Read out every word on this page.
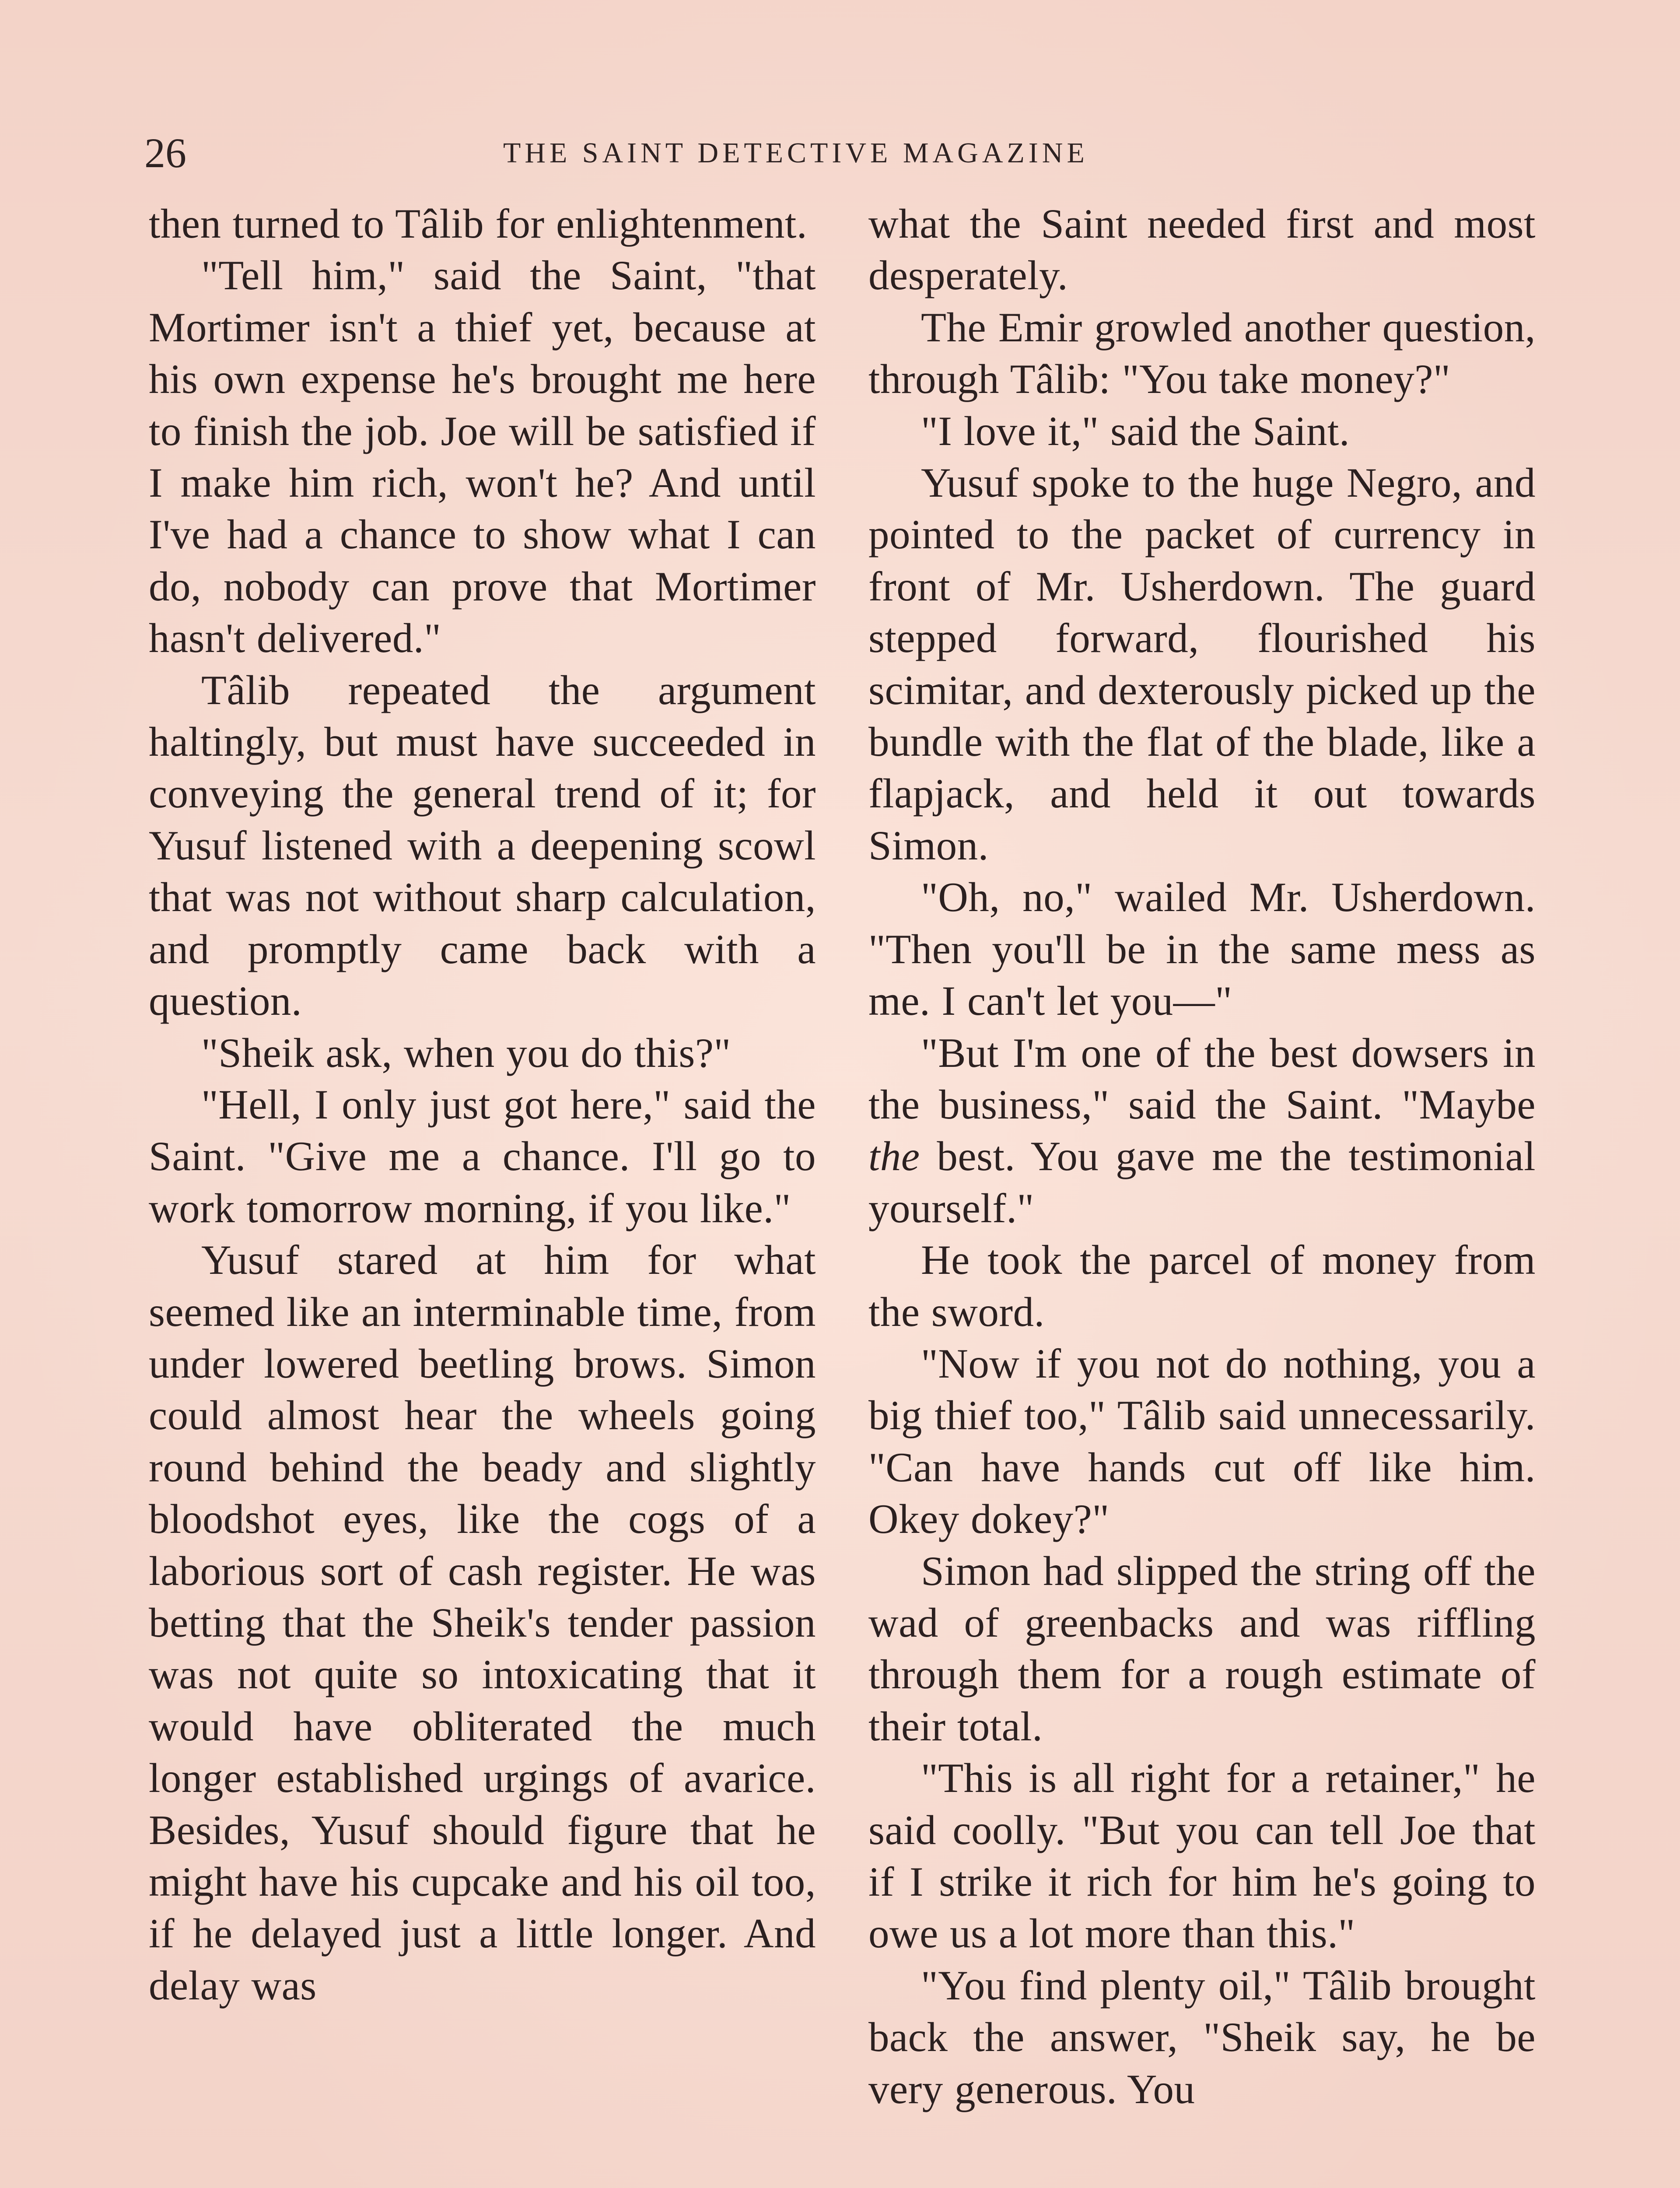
26	THE SAINT DETECTIVE MAGAZINE

then turned to Tâlib for enlightenment.

"Tell him," said the Saint, "that Mortimer isn't a thief yet, because at his own expense he's brought me here to finish the job. Joe will be satisfied if I make him rich, won't he? And until I've had a chance to show what I can do, nobody can prove that Mortimer hasn't delivered."

Tâlib repeated the argument haltingly, but must have succeeded in conveying the general trend of it; for Yusuf listened with a deepening scowl that was not without sharp calculation, and promptly came back with a question.

"Sheik ask, when you do this?"

"Hell, I only just got here," said the Saint. "Give me a chance. I'll go to work tomorrow morning, if you like."

Yusuf stared at him for what seemed like an interminable time, from under lowered beetling brows. Simon could almost hear the wheels going round behind the beady and slightly bloodshot eyes, like the cogs of a laborious sort of cash register. He was betting that the Sheik's tender passion was not quite so intoxicating that it would have obliterated the much longer established urgings of avarice. Besides, Yusuf should figure that he might have his cupcake and his oil too, if he delayed just a little longer. And delay was

what the Saint needed first and most desperately.

The Emir growled another question, through Tâlib: "You take money?"

"I love it," said the Saint.

Yusuf spoke to the huge Negro, and pointed to the packet of currency in front of Mr. Usherdown. The guard stepped forward, flourished his scimitar, and dexterously picked up the bundle with the flat of the blade, like a flapjack, and held it out towards Simon.

"Oh, no," wailed Mr. Usherdown. "Then you'll be in the same mess as me. I can't let you—"

"But I'm one of the best dowsers in the business," said the Saint. "Maybe the best. You gave me the testimonial yourself."

He took the parcel of money from the sword.

"Now if you not do nothing, you a big thief too," Tâlib said unnecessarily. "Can have hands cut off like him. Okey dokey?"

Simon had slipped the string off the wad of greenbacks and was riffling through them for a rough estimate of their total.

"This is all right for a retainer," he said coolly. "But you can tell Joe that if I strike it rich for him he's going to owe us a lot more than this."

"You find plenty oil," Tâlib brought back the answer, "Sheik say, he be very generous. You
